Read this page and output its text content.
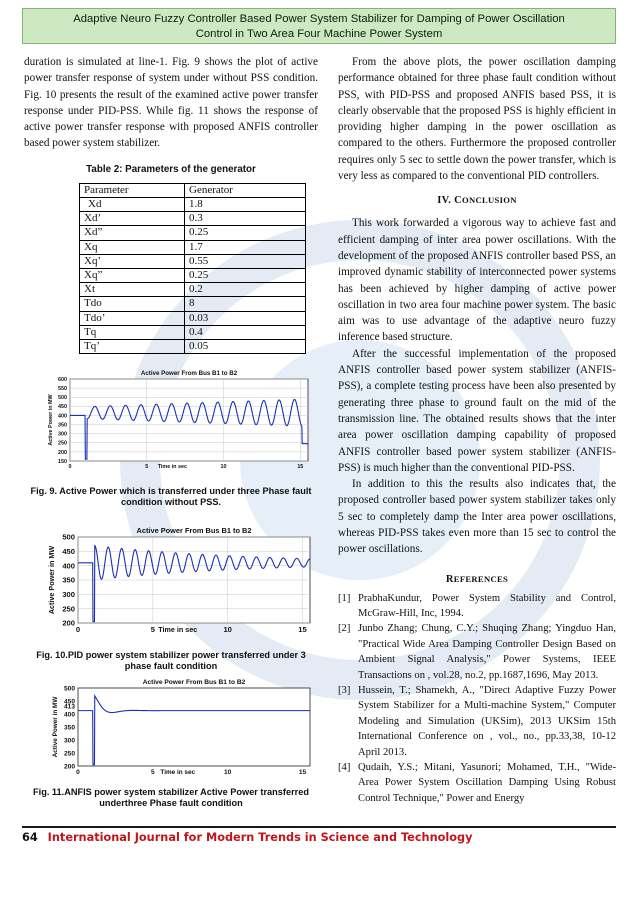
Adaptive Neuro Fuzzy Controller Based Power System Stabilizer for Damping of Power Oscillation
Control in Two Area Four Machine Power System

duration is simulated at line-1. Fig. 9 shows the plot of active power transfer response of system under without PSS condition. Fig. 10 presents the result of the examined active power transfer response under PID-PSS. While fig. 11 shows the response of active power transfer response with proposed ANFIS controller based power system stabilizer.

Table 2: Parameters of the generator
Parameter	Generator
Xd	1.8
Xd’	0.3
Xd”	0.25
Xq	1.7
Xq’	0.55
Xq”	0.25
Xt	0.2
Tdo	8
Tdo’	0.03
Tq	0.4
Tq’	0.05
150
200
250
300
350
400
450
500
550
600
0	5	10	15
Active Power From Bus B1 to B2
Time in sec
Active Power in MW
Fig. 9. Active Power which is transferred under three Phase fault condition without PSS.
200
250
300
350
400
450
500
0	5	10	15
Active Power From Bus B1 to B2
Time in sec
Active Power in MW
Fig. 10.PID power system stabilizer power transferred under 3 phase fault condition
200
250
300
350
400
450
500
413
0	5	10	15
Active Power From Bus B1 to B2
Time in sec
Active Power in MW
Fig. 11.ANFIS power system stabilizer Active Power transferred underthree Phase fault condition

From the above plots, the power oscillation damping performance obtained for three phase fault condition without PSS, with PID-PSS and proposed ANFIS based PSS, it is clearly observable that the proposed PSS is highly efficient in providing higher damping in the power oscillation as compared to the others. Furthermore the proposed controller requires only 5 sec to settle down the power transfer, which is very less as compared to the conventional PID controllers.

IV. CONCLUSION

This work forwarded a vigorous way to achieve fast and efficient damping of inter area power oscillations. With the development of the proposed ANFIS controller based PSS, an improved dynamic stability of interconnected power systems has been achieved by higher damping of active power oscillation in two area four machine power system. The basic aim was to use advantage of the adaptive neuro fuzzy inference based structure.

After the successful implementation of the proposed ANFIS controller based power system stabilizer (ANFIS-PSS), a complete testing process have been also presented by generating three phase to ground fault on the mid of the transmission line. The obtained results shows that the inter area power oscillation damping capability of proposed ANFIS controller based power system stabilizer (ANFIS-PSS) is much higher than the conventional PID-PSS.

In addition to this the results also indicates that, the proposed controller based power system stabilizer takes only 5 sec to completely damp the Inter area power oscillations, whereas PID-PSS takes even more than 15 sec to control the power oscillations.

REFERENCES
[1] PrabhaKundur, Power System Stability and Control, McGraw-Hill, Inc, 1994.
[2] Junbo Zhang; Chung, C.Y.; Shuqing Zhang; Yingduo Han, "Practical Wide Area Damping Controller Design Based on Ambient Signal Analysis," Power Systems, IEEE Transactions on , vol.28, no.2, pp.1687,1696, May 2013.
[3] Hussein, T.; Shamekh, A., "Direct Adaptive Fuzzy Power System Stabilizer for a Multi-machine System," Computer Modeling and Simulation (UKSim), 2013 UKSim 15th International Conference on , vol., no., pp.33,38, 10-12 April 2013.
[4] Qudaih, Y.S.; Mitani, Yasunori; Mohamed, T.H., "Wide-Area Power System Oscillation Damping Using Robust Control Technique," Power and Energy
64 International Journal for Modern Trends in Science and Technology
